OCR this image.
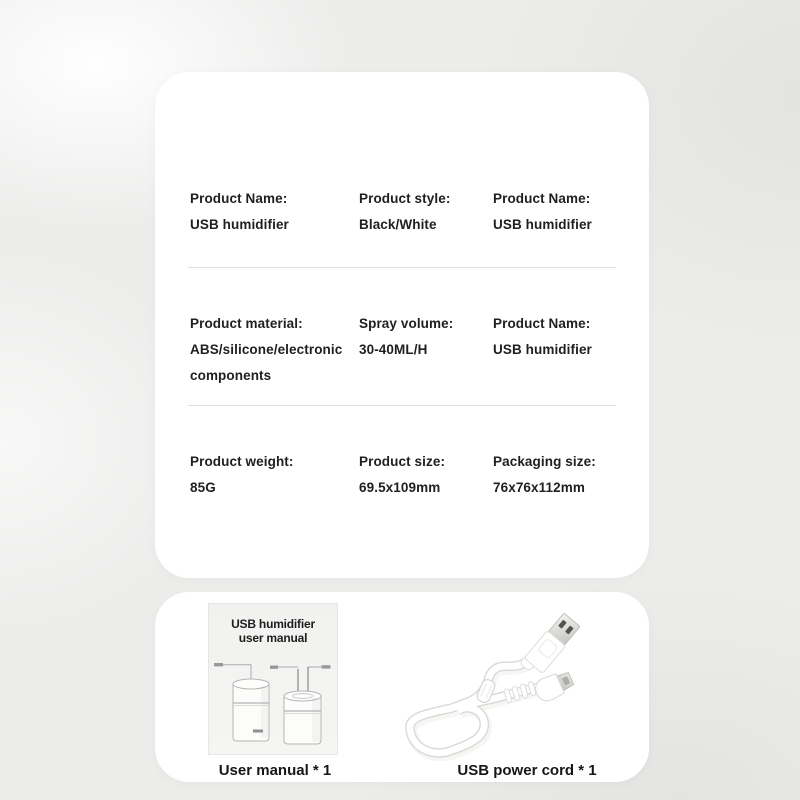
Product Name:
USB humidifier
Product style:
Black/White
Product Name:
USB humidifier
Product material:
ABS/silicone/electronic components
Spray volume:
30-40ML/H
Product Name:
USB humidifier
Product weight:
85G
Product size:
69.5x109mm
Packaging size:
76x76x112mm
USB humidifier
user manual
User manual * 1	USB power cord * 1
